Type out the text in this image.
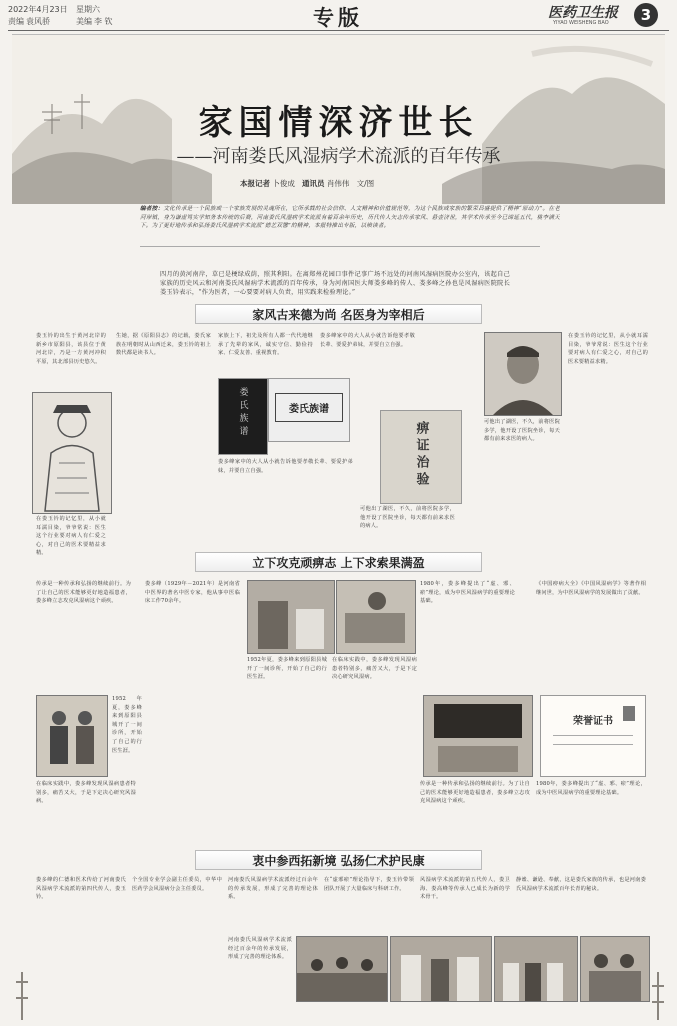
2022年4月23日 星期六
责编 袁风骄	美编 李 钦	专版	医药卫生报
YIYAO WEISHENG BAO	3
家国情深济世长
——河南娄氏风湿病学术流派的百年传承
本报记者 卜俊成 通讯员 肖伟伟 文/图
编者按：文化传承是一个民族或一个家族发展的灵魂所在，它所承载的社会信仰、人文精神和价值规范等，为这个民族或家族的繁荣昌盛提供了精神“原动力”。在老河岸镇，身为谦虚笃实学知务本传统的后裔，河南娄氏风湿病学术流派有着百余年历史，历代传人矢志传承家风、悬壶济世，其学术传承至今已绵延五代，桃李满天下。为了更好地传承和弘扬娄氏风湿病学术流派“德艺双馨”的精神，本报特推出专版，以飨读者。
四月的黄河南岸，草已是梗绿成荫，照其利阳。在离郑州花园口事件记事广场不远处的河南风湿病医院办公室内，该起自己家族的历史风云和河南娄氏风湿病学术流派的百年传承，身为河南国医大师娄多峰的传人、娄多峰之孙也是风湿病医院院长娄玉钤表示，“作为医者，一心要要对病人负责，用实践来检验理论。”
家风古来德为尚 名医身为宰相后
娄玉钤的出生于黄河北岸的新乡市原阳县，该县位于黄河北岸，乃是一方黄河冲积平原，其北部县历史悠久。
在娄玉钤的记忆里，从小就耳濡目染，爷爷常说：医生这个行业要对病人有仁爱之心，对自己的医术要精益求精。
生她，据《原阳县志》的记载，娄氏家族在明朝时从山西迁来，娄玉钤的祖上数代都是读书人。
娄氏族谱	娄氏族谱
家族上下，祖先及所有人都一代代地继承了先辈的家风，诚实守信、勤俭持家、仁爱友善、重视教育。
娄多峰家中的大人从小就告诉他要孝敬长辈、要爱护弟妹，并要自立自强。
娄多峰家中的大人从小就告诉他要孝敬长辈、要爱护弟妹，并要自立自强。
痹证治验
可他出了湖医，不久，前将医院多学，他开设了医院坐诊，每天都有前来求医的病人。
可他出了湖医，不久，前将医院多学，他开设了医院坐诊，每天都有前来求医的病人。
在娄玉钤的记忆里，从小就耳濡目染，爷爷常说：医生这个行业要对病人有仁爱之心，对自己的医术要精益求精。
立下攻克顽痹志 上下求索果满盈
传承是一种传承和弘扬的继续前行。为了让自己的医术能够更好地造福患者，娄多峰立志攻克风湿病这个顽疾。
1952年夏，娄多峰来到原阳县城开了一间诊所，开始了自己的行医生涯。
在临床实践中，娄多峰发现风湿病患者特别多，痛苦又大，于是下定决心研究风湿病。
娄多峰（1929年－2021年）是河南省中医界的著名中医专家，他从事中医临床工作70余年。
1952年夏，娄多峰来到原阳县城开了一间诊所，开始了自己的行医生涯。
在临床实践中，娄多峰发现风湿病患者特别多，痛苦又大，于是下定决心研究风湿病。
1980年，娄多峰提出了“虚、邪、瘀”理论，成为中医风湿病学的重要理论基础。
传承是一种传承和弘扬的继续前行。为了让自己的医术能够更好地造福患者，娄多峰立志攻克风湿病这个顽疾。
《中国痹病大全》《中国风湿病学》等著作相继问世，为中医风湿病学的发展做出了贡献。
荣誉证书
1980年，娄多峰提出了“虚、邪、瘀”理论，成为中医风湿病学的重要理论基础。
衷中参西拓新境 弘扬仁术护民康
娄多峰的仁德和医术传给了河南娄氏风湿病学术流派的第四代传人，娄玉钤。
个全国专业学会副主任委员，中华中医药学会风湿病分会主任委员。
河南娄氏风湿病学术流派经过百余年的传承发展，形成了完善的理论体系。
在“虚邪瘀”理论指导下，娄玉钤带领团队开展了大量临床与科研工作。
风湿病学术流派的第五代传人，娄卫海、娄高峰等传承人已成长为新的学术骨干。
静谧、谦逊、奉献，这是娄氏家族的传承，也是河南娄氏风湿病学术流派百年长青的秘诀。
河南娄氏风湿病学术流派经过百余年的传承发展，形成了完善的理论体系。
